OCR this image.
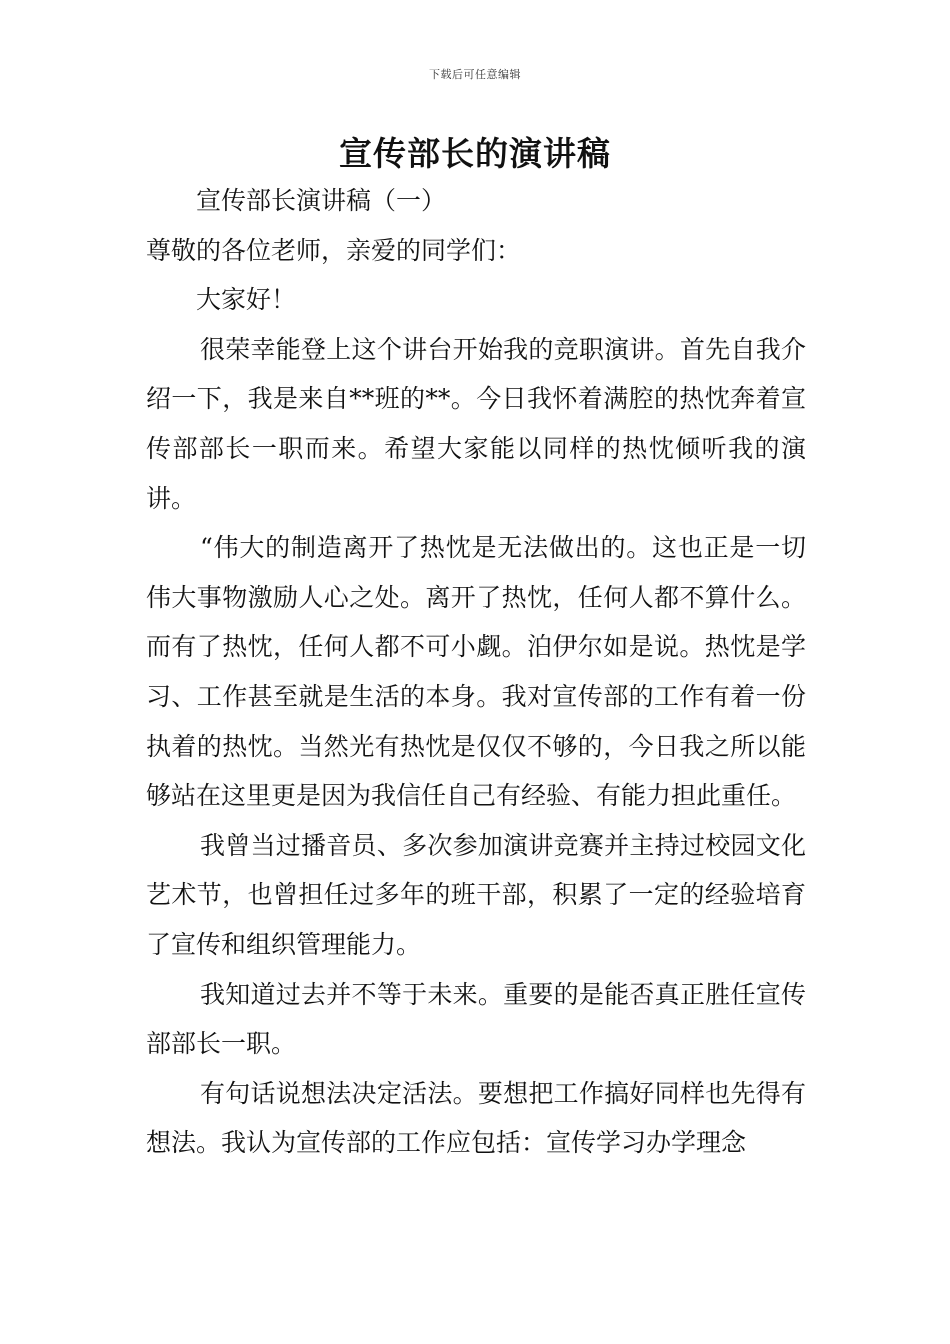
下载后可任意编辑
宣传部长的演讲稿

宣传部长演讲稿（一）

尊敬的各位老师，亲爱的同学们：

大家好！

很荣幸能登上这个讲台开始我的竞职演讲。首先自我介绍一下，我是来自**班的**。今日我怀着满腔的热忱奔着宣传部部长一职而来。希望大家能以同样的热忱倾听我的演讲。

“伟大的制造离开了热忱是无法做出的。这也正是一切伟大事物激励人心之处。离开了热忱，任何人都不算什么。而有了热忱，任何人都不可小觑。泊伊尔如是说。热忱是学习、工作甚至就是生活的本身。我对宣传部的工作有着一份执着的热忱。当然光有热忱是仅仅不够的，今日我之所以能够站在这里更是因为我信任自己有经验、有能力担此重任。

我曾当过播音员、多次参加演讲竞赛并主持过校园文化艺术节，也曾担任过多年的班干部，积累了一定的经验培育了宣传和组织管理能力。

我知道过去并不等于未来。重要的是能否真正胜任宣传部部长一职。

有句话说想法决定活法。要想把工作搞好同样也先得有想法。我认为宣传部的工作应包括：宣传学习办学理念
